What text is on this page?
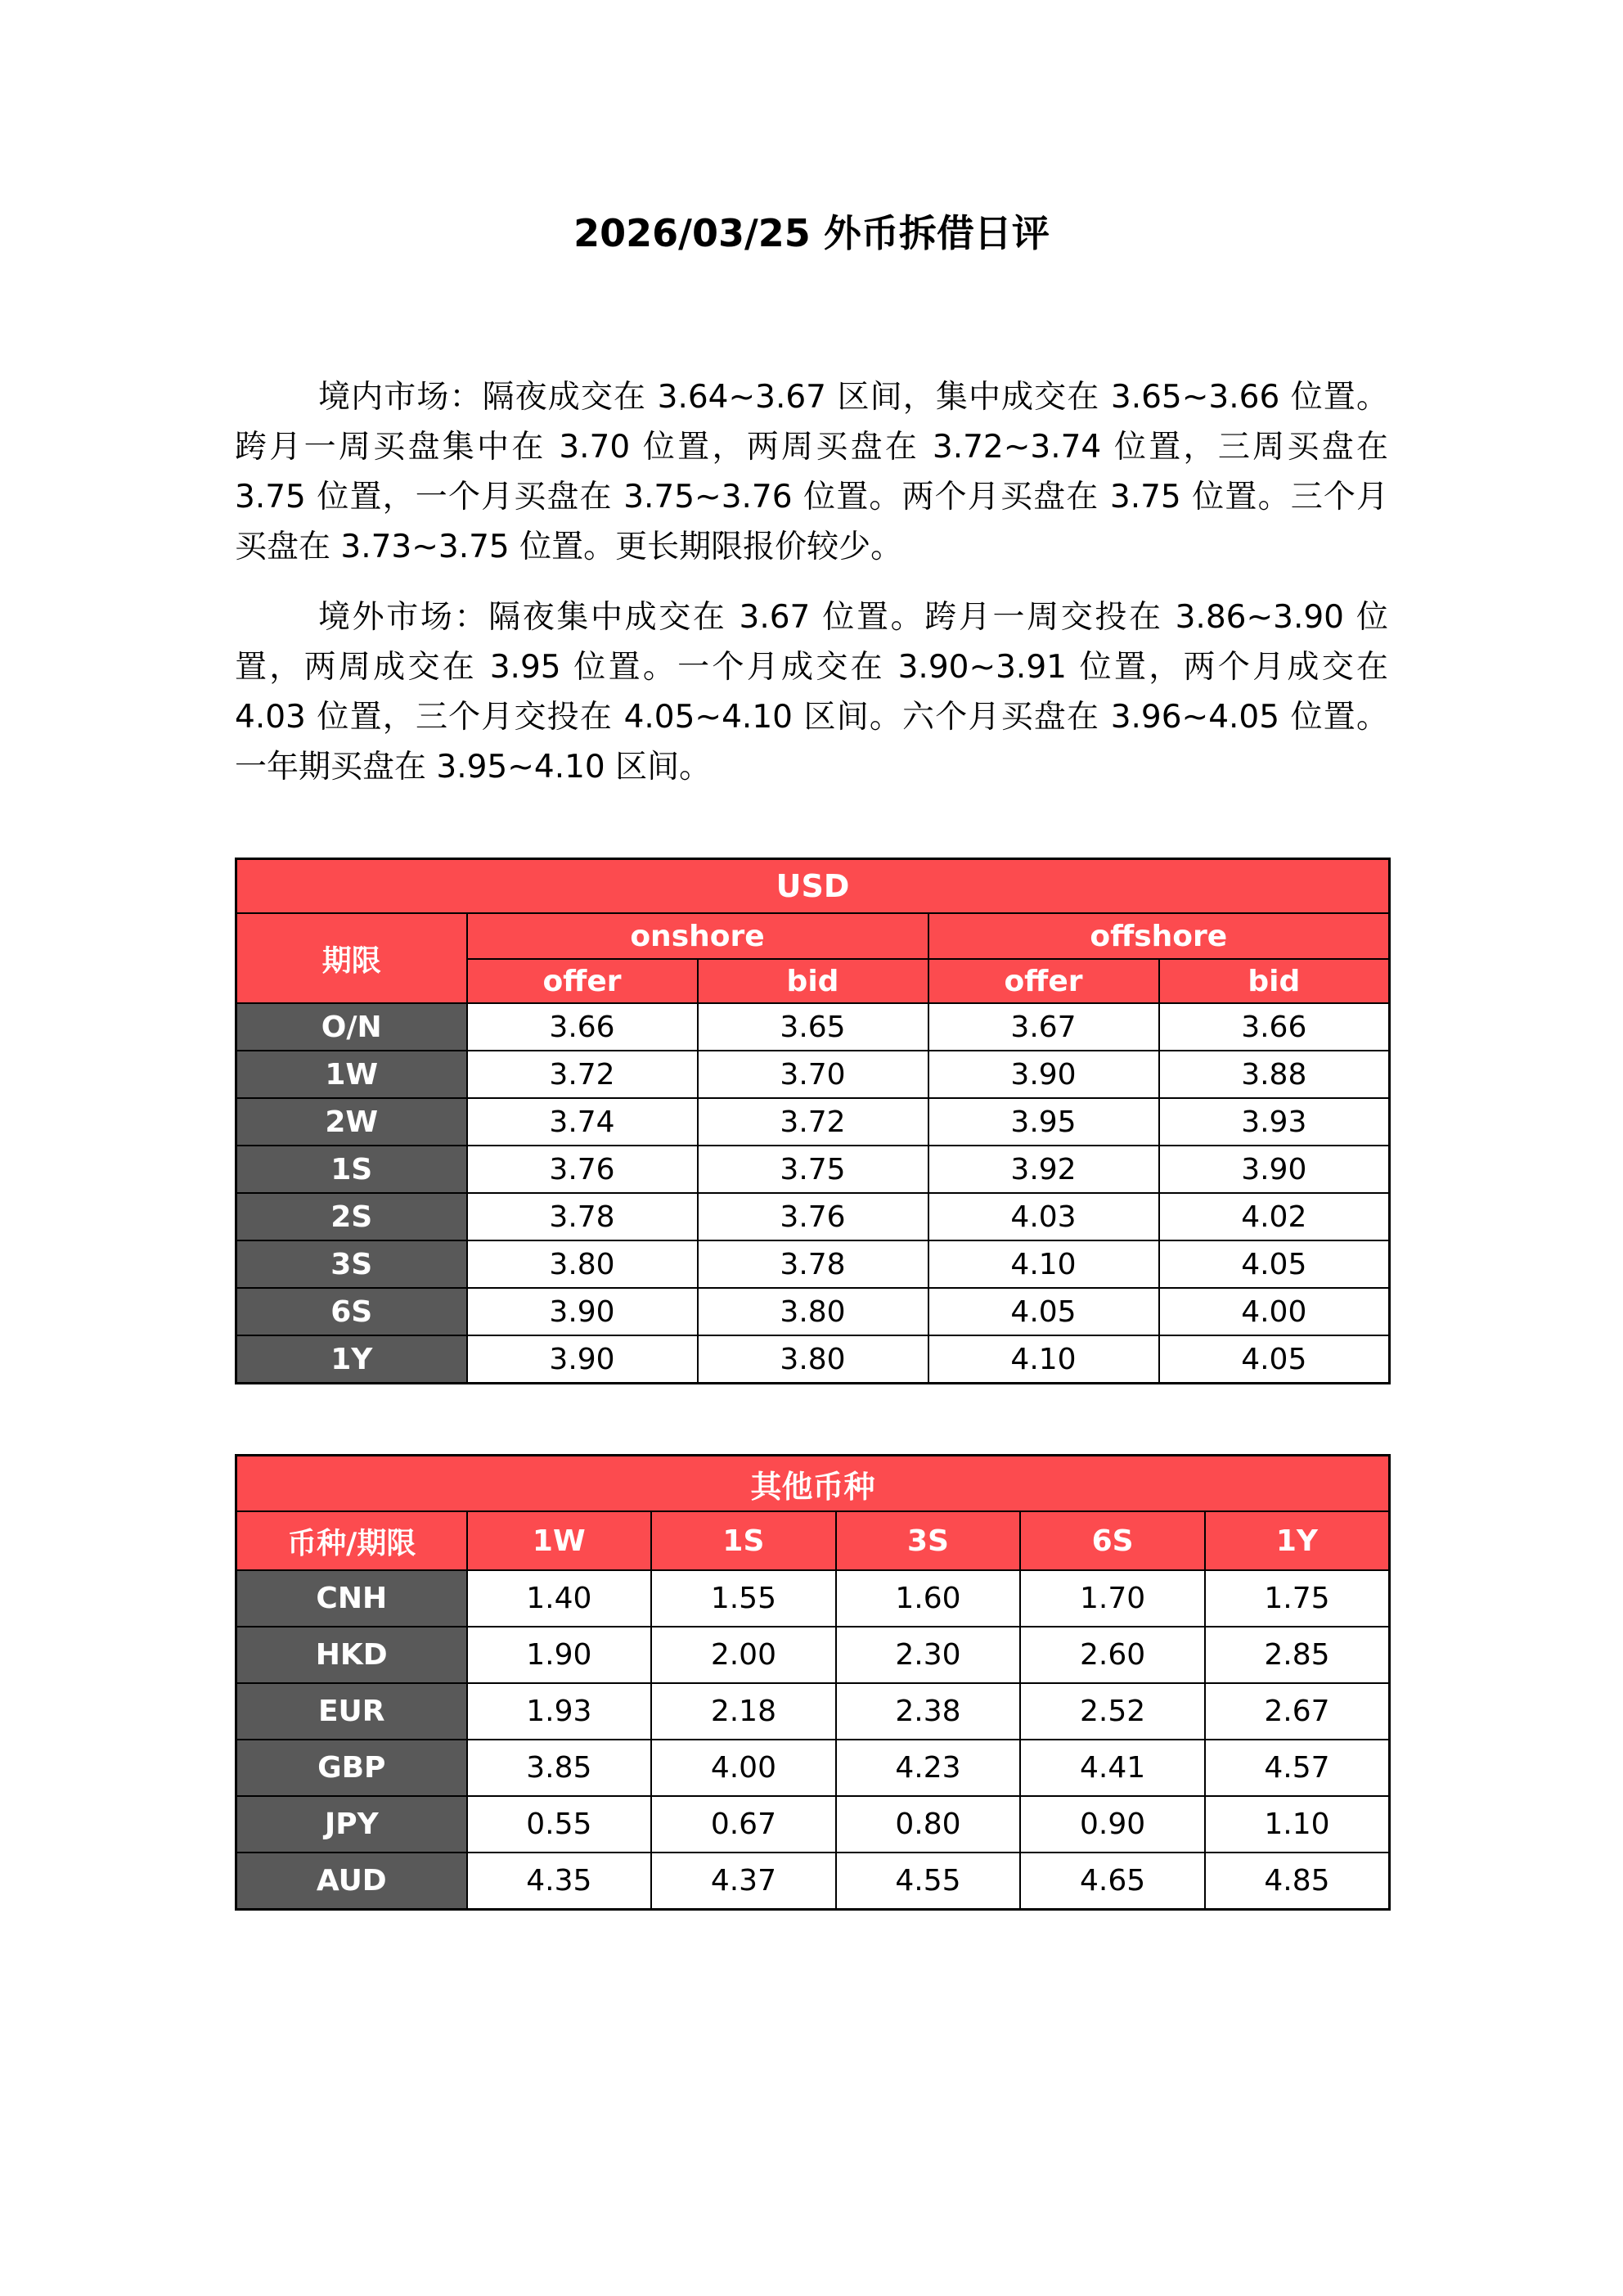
2026/03/25 外币拆借日评

境内市场：隔夜成交在 3.64~3.67 区间，集中成交在 3.65~3.66 位置。跨月一周买盘集中在 3.70 位置，两周买盘在 3.72~3.74 位置，三周买盘在 3.75 位置，一个月买盘在 3.75~3.76 位置。两个月买盘在 3.75 位置。三个月买盘在 3.73~3.75 位置。更长期限报价较少。

境外市场：隔夜集中成交在 3.67 位置。跨月一周交投在 3.86~3.90 位置，两周成交在 3.95 位置。一个月成交在 3.90~3.91 位置，两个月成交在 4.03 位置，三个月交投在 4.05~4.10 区间。六个月买盘在 3.96~4.05 位置。一年期买盘在 3.95~4.10 区间。

USD				
期限	onshore		offshore	
	offer	bid	offer	bid
O/N	3.66	3.65	3.67	3.66
1W	3.72	3.70	3.90	3.88
2W	3.74	3.72	3.95	3.93
1S	3.76	3.75	3.92	3.90
2S	3.78	3.76	4.03	4.02
3S	3.80	3.78	4.10	4.05
6S	3.90	3.80	4.05	4.00
1Y	3.90	3.80	4.10	4.05
其他币种					
币种/期限	1W	1S	3S	6S	1Y
CNH	1.40	1.55	1.60	1.70	1.75
HKD	1.90	2.00	2.30	2.60	2.85
EUR	1.93	2.18	2.38	2.52	2.67
GBP	3.85	4.00	4.23	4.41	4.57
JPY	0.55	0.67	0.80	0.90	1.10
AUD	4.35	4.37	4.55	4.65	4.85
